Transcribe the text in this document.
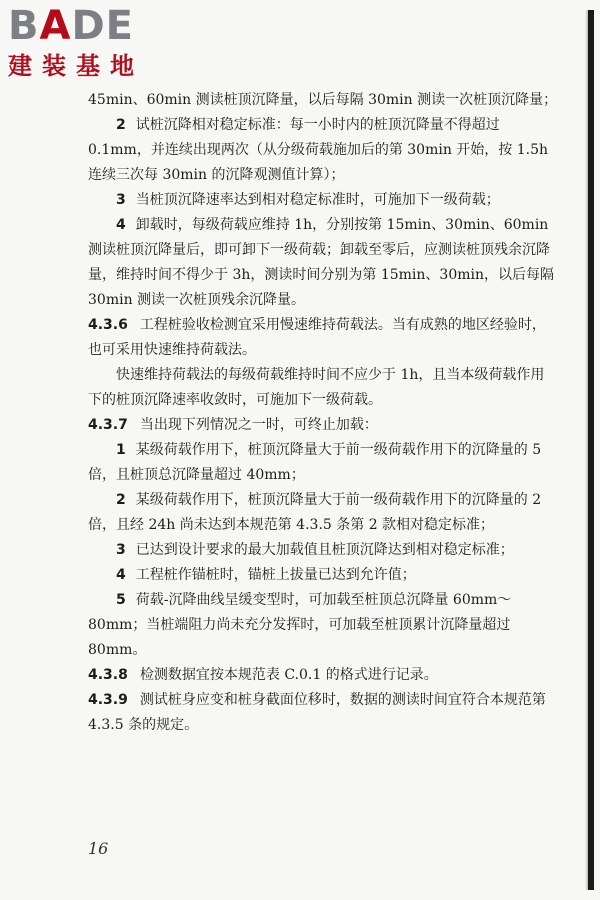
BADE
建装基地

45min、60min 测读桩顶沉降量，以后每隔 30min 测读一次桩顶沉降量；

2 试桩沉降相对稳定标准：每一小时内的桩顶沉降量不得超过 0.1mm，并连续出现两次（从分级荷载施加后的第 30min 开始，按 1.5h 连续三次每 30min 的沉降观测值计算）；

3 当桩顶沉降速率达到相对稳定标准时，可施加下一级荷载；

4 卸载时，每级荷载应维持 1h，分别按第 15min、30min、60min 测读桩顶沉降量后，即可卸下一级荷载；卸载至零后，应测读桩顶残余沉降量，维持时间不得少于 3h，测读时间分别为第 15min、30min，以后每隔 30min 测读一次桩顶残余沉降量。

4.3.6 工程桩验收检测宜采用慢速维持荷载法。当有成熟的地区经验时，也可采用快速维持荷载法。

快速维持荷载法的每级荷载维持时间不应少于 1h，且当本级荷载作用下的桩顶沉降速率收敛时，可施加下一级荷载。

4.3.7 当出现下列情况之一时，可终止加载：

1 某级荷载作用下，桩顶沉降量大于前一级荷载作用下的沉降量的 5 倍，且桩顶总沉降量超过 40mm；

2 某级荷载作用下，桩顶沉降量大于前一级荷载作用下的沉降量的 2 倍，且经 24h 尚未达到本规范第 4.3.5 条第 2 款相对稳定标准；

3 已达到设计要求的最大加载值且桩顶沉降达到相对稳定标准；

4 工程桩作锚桩时，锚桩上拔量已达到允许值；

5 荷载-沉降曲线呈缓变型时，可加载至桩顶总沉降量 60mm～80mm；当桩端阻力尚未充分发挥时，可加载至桩顶累计沉降量超过 80mm。

4.3.8 检测数据宜按本规范表 C.0.1 的格式进行记录。

4.3.9 测试桩身应变和桩身截面位移时，数据的测读时间宜符合本规范第 4.3.5 条的规定。

16
